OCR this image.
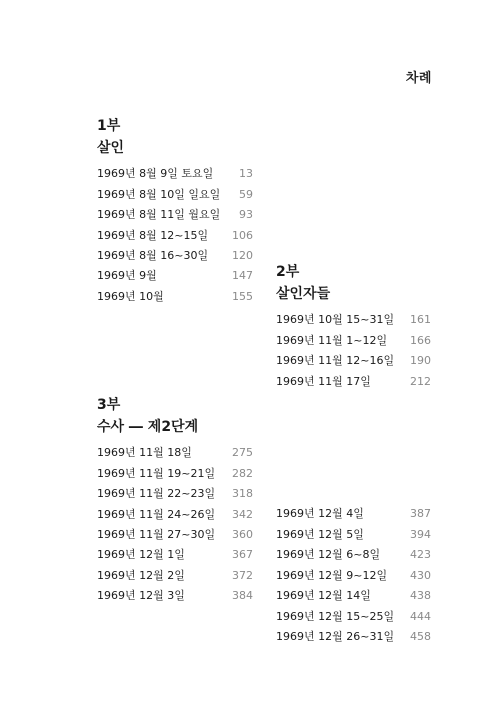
차례
1부
살인
1969년 8월 9일 토요일 13
1969년 8월 10일 일요일 59
1969년 8월 11일 월요일 93
1969년 8월 12~15일 106
1969년 8월 16~30일 120
1969년 9월	147
1969년 10월	155
2부
살인자들
1969년 10월 15~31일 161
1969년 11월 1~12일 166
1969년 11월 12~16일 190
1969년 11월 17일	212
3부
수사 ― 제2단계
1969년 11월 18일	275
1969년 11월 19~21일 282
1969년 11월 22~23일 318
1969년 11월 24~26일 342
1969년 11월 27~30일 360
1969년 12월 1일	367
1969년 12월 2일	372
1969년 12월 3일	384
1969년 12월 4일	387
1969년 12월 5일	394
1969년 12월 6~8일	423
1969년 12월 9~12일 430
1969년 12월 14일	438
1969년 12월 15~25일 444
1969년 12월 26~31일 458
